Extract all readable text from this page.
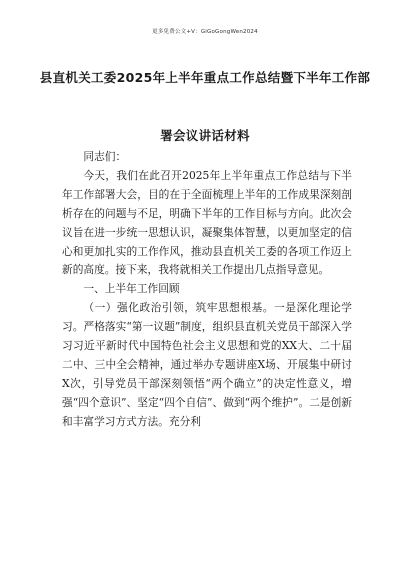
更多免费公文+V：GiGoGongWen2024
县直机关工委2025年上半年重点工作总结暨下半年工作部
署会议讲话材料

同志们：

今天，我们在此召开2025年上半年重点工作总结与下半年工作部署大会，目的在于全面梳理上半年的工作成果深刻剖析存在的问题与不足，明确下半年的工作目标与方向。此次会议旨在进一步统一思想认识，凝聚集体智慧，以更加坚定的信心和更加扎实的工作作风，推动县直机关工委的各项工作迈上新的高度。接下来，我将就相关工作提出几点指导意见。

一、上半年工作回顾

（一）强化政治引领，筑牢思想根基。一是深化理论学习。严格落实“第一议题”制度，组织县直机关党员干部深入学习习近平新时代中国特色社会主义思想和党的XX大、二十届二中、三中全会精神，通过举办专题讲座X场、开展集中研讨X次，引导党员干部深刻领悟“两个确立”的决定性意义，增强“四个意识”、坚定“四个自信”、做到“两个维护”。二是创新和丰富学习方式方法。充分利
